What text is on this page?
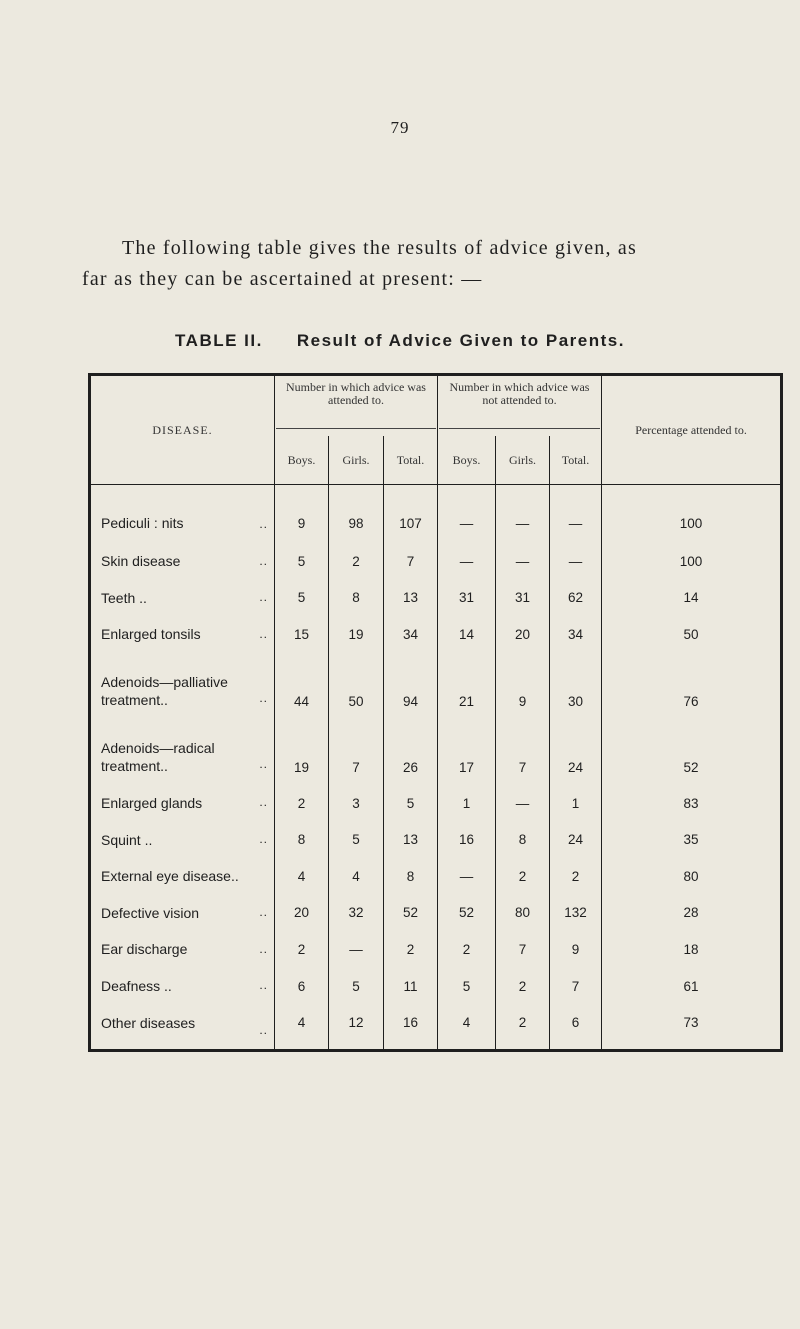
79
The following table gives the results of advice given, as
far as they can be ascertained at present: —
TABLE II. Result of Advice Given to Parents.
DISEASE.	Number in which advice was attended to.			Number in which advice was not attended to.			Percentage attended to.
	Boys.	Girls.	Total.	Boys.	Girls.	Total.	
Pediculi : nits ..	9	98	107	—	—	—	100
Skin disease ..	5	2	7	—	—	—	100
Teeth .. ..	5	8	13	31	31	62	14
Enlarged tonsils ..	15	19	34	14	20	34	50
Adenoids—palliative
treatment.. ..	44	50	94	21	9	30	76
Adenoids—radical
treatment.. ..	19	7	26	17	7	24	52
Enlarged glands ..	2	3	5	1	—	1	83
Squint .. ..	8	5	13	16	8	24	35
External eye disease..	4	4	8	—	2	2	80
Defective vision ..	20	32	52	52	80	132	28
Ear discharge ..	2	—	2	2	7	9	18
Deafness .. ..	6	5	11	5	2	7	61
Other diseases ..	4	12	16	4	2	6	73
